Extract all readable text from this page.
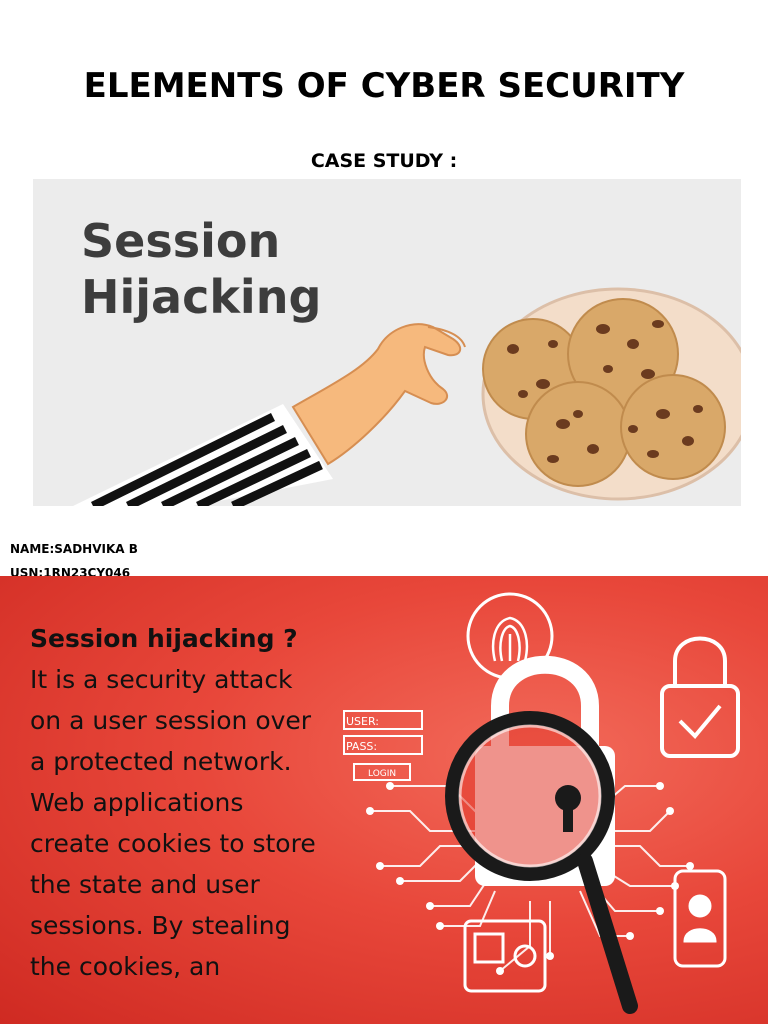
ELEMENTS OF CYBER SECURITY
CASE STUDY :
Session
Hijacking
NAME:SADHVIKA B
USN:1RN23CY046
Session hijacking ?
It is a security attack on a user session over a protected network. Web applications create cookies to store the state and user sessions. By stealing the cookies, an
USER:
PASS:
LOGIN
